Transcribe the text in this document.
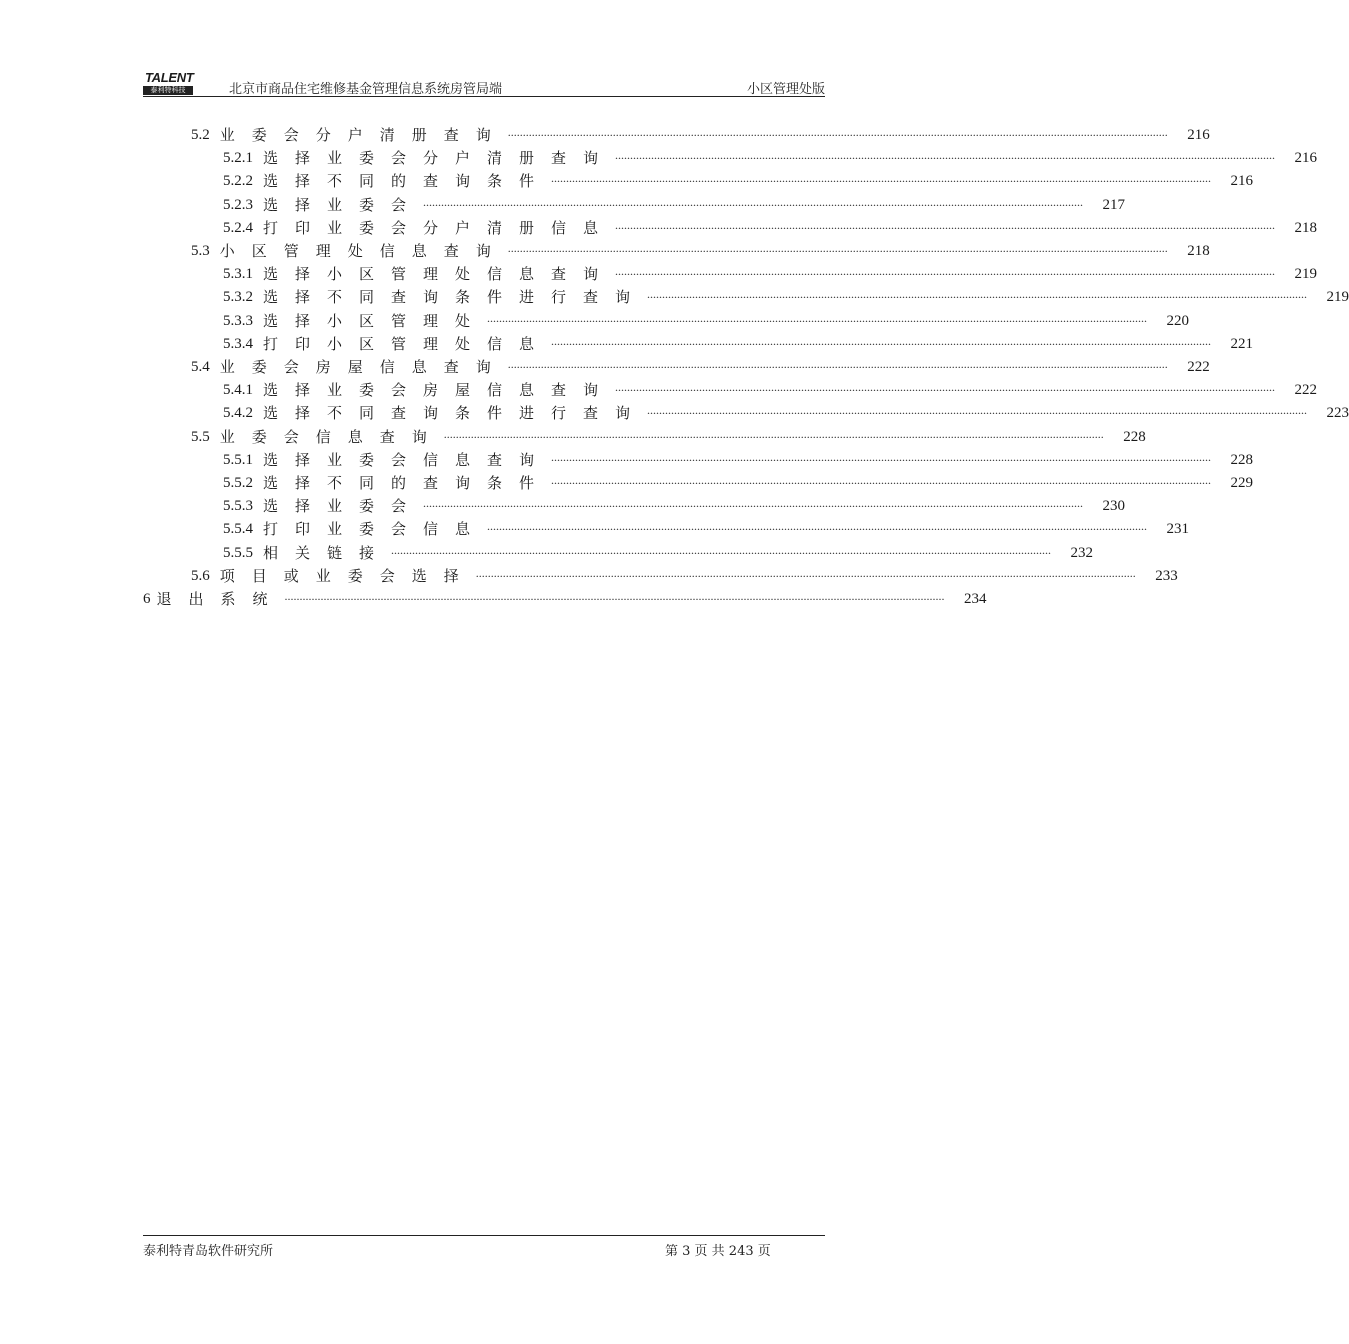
TALENT
泰利特科技	北京市商品住宅维修基金管理信息系统房管局端	小区管理处版
5.2 业委会分户清册查询 ............................................................................................................................................................................................................................	216
5.2.1 选择业委会分户清册查询 ............................................................................................................................................................................................................................	216
5.2.2 选择不同的查询条件 ............................................................................................................................................................................................................................	216
5.2.3 选择业委会 ............................................................................................................................................................................................................................	217
5.2.4 打印业委会分户清册信息 ............................................................................................................................................................................................................................	218
5.3 小区管理处信息查询 ............................................................................................................................................................................................................................	218
5.3.1 选择小区管理处信息查询 ............................................................................................................................................................................................................................	219
5.3.2 选择不同查询条件进行查询 ............................................................................................................................................................................................................................	219
5.3.3 选择小区管理处 ............................................................................................................................................................................................................................	220
5.3.4 打印小区管理处信息 ............................................................................................................................................................................................................................	221
5.4 业委会房屋信息查询 ............................................................................................................................................................................................................................	222
5.4.1 选择业委会房屋信息查询 ............................................................................................................................................................................................................................	222
5.4.2 选择不同查询条件进行查询 ............................................................................................................................................................................................................................	223
5.5 业委会信息查询 ............................................................................................................................................................................................................................	228
5.5.1 选择业委会信息查询 ............................................................................................................................................................................................................................	228
5.5.2 选择不同的查询条件 ............................................................................................................................................................................................................................	229
5.5.3 选择业委会 ............................................................................................................................................................................................................................	230
5.5.4 打印业委会信息 ............................................................................................................................................................................................................................	231
5.5.5 相关链接 ............................................................................................................................................................................................................................	232
5.6 项目或业委会选择 ............................................................................................................................................................................................................................	233
6 退出系统 ............................................................................................................................................................................................................................	234
泰利特青岛软件研究所	第 3 页 共 243 页
